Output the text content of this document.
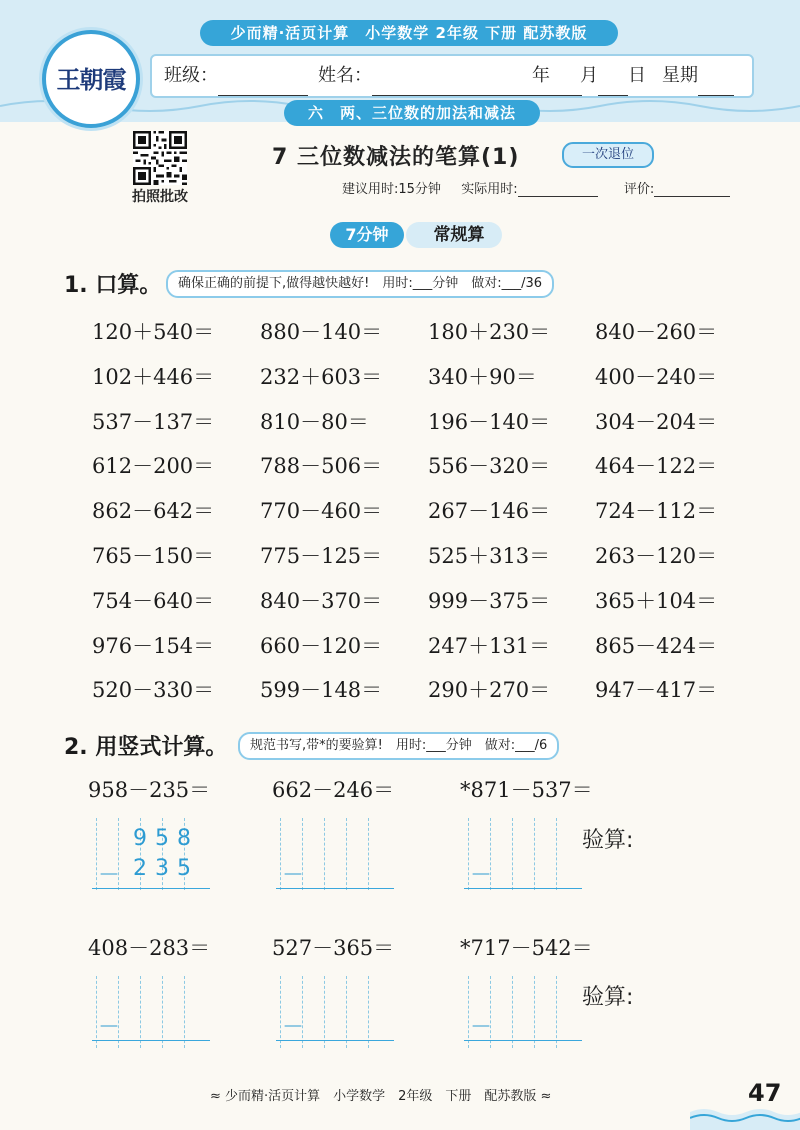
少而精·活页计算　小学数学 2年级 下册 配苏教版
王朝霞	班级：	姓名：	年 月 日 星期
六　两、三位数的加法和减法
拍照批改
7 三位数减法的笔算(1)	一次退位
建议用时:15分钟 实际用时:	评价:
常规算
7分钟
1. 口算。	确保正确的前提下,做得越快越好!　用时:___分钟　做对:___/36
120＋540＝ 880－140＝ 180＋230＝ 840－260＝
102＋446＝ 232＋603＝ 340＋90＝	400－240＝
537－137＝ 810－80＝	196－140＝ 304－204＝
612－200＝ 788－506＝ 556－320＝ 464－122＝
862－642＝ 770－460＝ 267－146＝ 724－112＝
765－150＝ 775－125＝ 525＋313＝ 263－120＝
754－640＝ 840－370＝ 999－375＝ 365＋104＝
976－154＝ 660－120＝ 247＋131＝ 865－424＝
520－330＝ 599－148＝ 290＋270＝ 947－417＝
2. 用竖式计算。	规范书写,带*的要验算!　用时:___分钟　做对:___/6
958－235＝
－
662－246＝
－
*871－537＝
－
408－283＝
－
527－365＝
－
*717－542＝
－
9 5 8
2 3 5
验算:
验算:
≈ 少而精·活页计算　小学数学　2年级　下册　配苏教版 ≈	47
